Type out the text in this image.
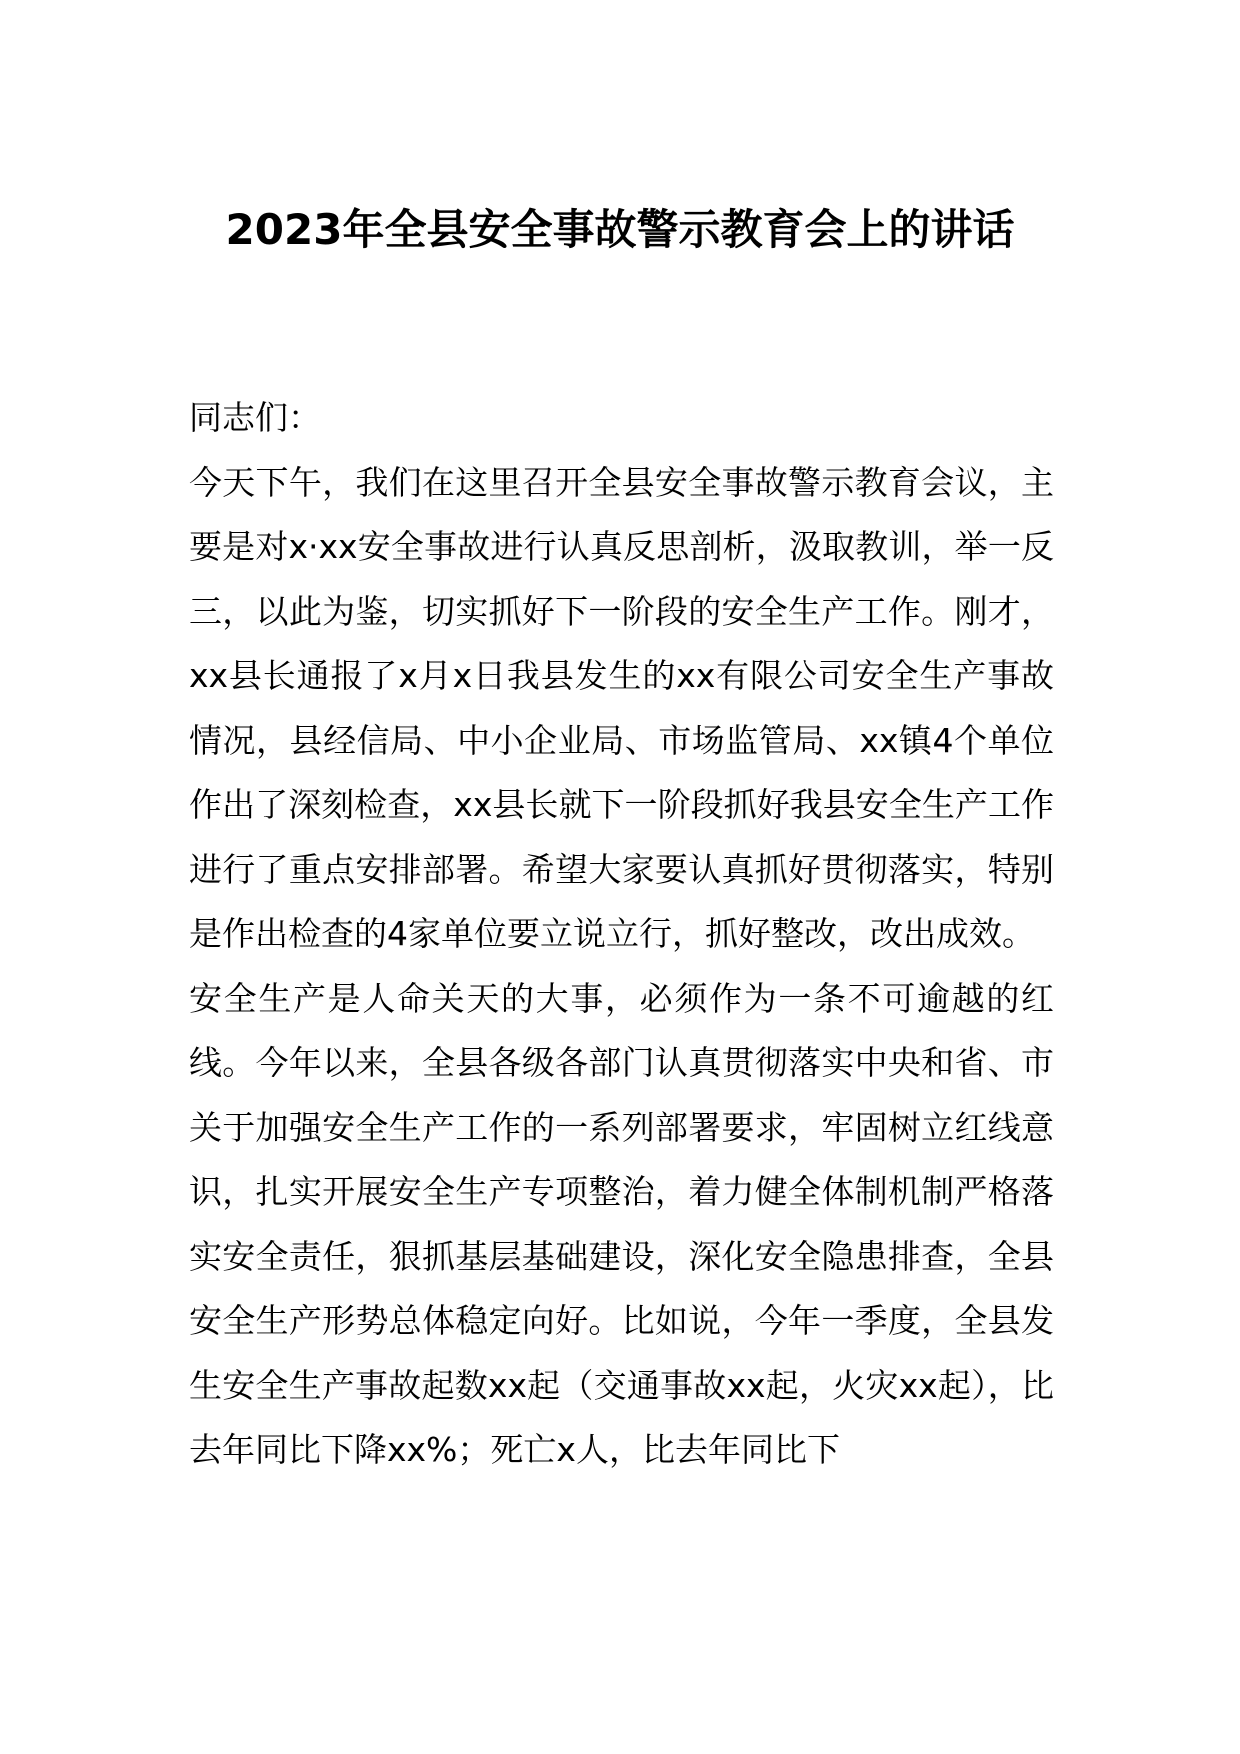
2023年全县安全事故警示教育会上的讲话

同志们：

今天下午，我们在这里召开全县安全事故警示教育会议，主要是对x·xx安全事故进行认真反思剖析，汲取教训，举一反三，以此为鉴，切实抓好下一阶段的安全生产工作。刚才，xx县长通报了x月x日我县发生的xx有限公司安全生产事故情况，县经信局、中小企业局、市场监管局、xx镇4个单位作出了深刻检查，xx县长就下一阶段抓好我县安全生产工作进行了重点安排部署。希望大家要认真抓好贯彻落实，特别是作出检查的4家单位要立说立行，抓好整改，改出成效。

安全生产是人命关天的大事，必须作为一条不可逾越的红线。今年以来，全县各级各部门认真贯彻落实中央和省、市关于加强安全生产工作的一系列部署要求，牢固树立红线意识，扎实开展安全生产专项整治，着力健全体制机制严格落实安全责任，狠抓基层基础建设，深化安全隐患排查，全县安全生产形势总体稳定向好。比如说，今年一季度，全县发生安全生产事故起数xx起（交通事故xx起，火灾xx起），比去年同比下降xx%；死亡x人，比去年同比下
